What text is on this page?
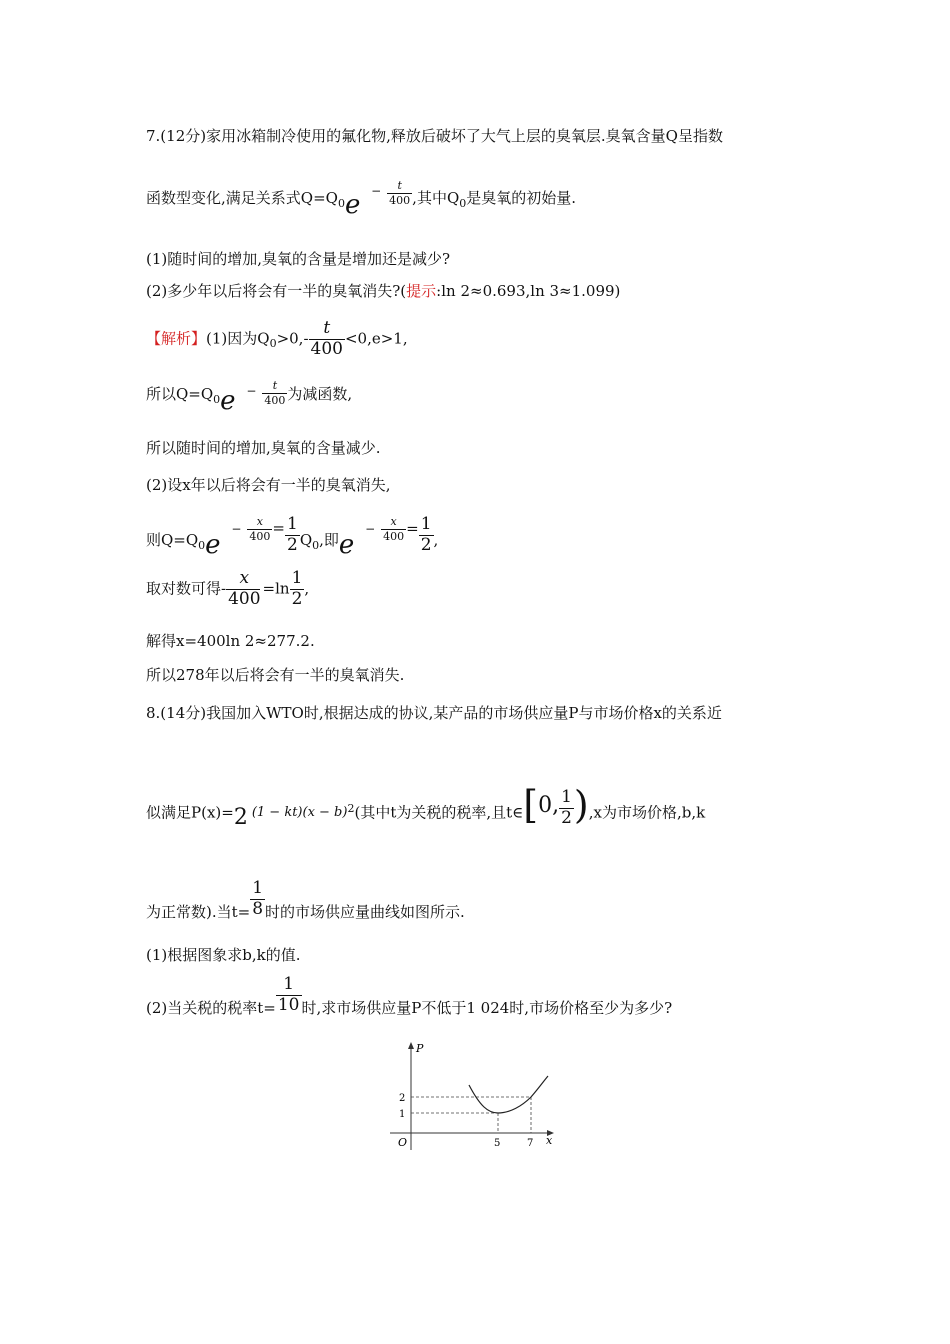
7.(12分)家用冰箱制冷使用的氟化物,释放后破坏了大气上层的臭氧层.臭氧含量Q呈指数
函数型变化,满足关系式$Q=Q_0e$ $^- \frac{t}{400}$ ,其中$Q_0$是臭氧的初始量.
(1)随时间的增加,臭氧的含量是增加还是减少?
(2)多少年以后将会有一半的臭氧消失?(提示:ln 2≈0.693,ln 3≈1.099)
【解析】(1)因为$Q_0>0,- \frac{t}{400} <0,e>1$,
所以$Q=Q_0e$ $^- \frac{t}{400}$ 为减函数,
所以随时间的增加,臭氧的含量减少.
(2)设x年以后将会有一半的臭氧消失,
则$Q=Q_0e - \frac{x}{400} = \frac{1}{2} Q_0$,即$e - \frac{x}{400} = \frac{1}{2}$ ,
取对数可得- $\frac{x}{400} =\ln \frac{1}{2}$ ,
解得x=400ln 2≈277.2.
所以278年以后将会有一半的臭氧消失.
8.(14分)我国加入WTO时,根据达成的协议,某产品的市场供应量P与市场价格x的关系近
似满足P(x)=2 $(1 - kt)(x - b)^2$(其中t为关税的税率,且t∈[0, $\frac{1}{2} ),x$为市场价格,b,k
为正常数).当$t= \frac{1}{8}$ 时的市场供应量曲线如图所示.
(1)根据图象求b,k的值.
(2)当关税的税率$t= \frac{1}{10}$ 时,求市场供应量P不低于1 024时,市场价格至少为多少?
P
x
O
2
1
5	7
